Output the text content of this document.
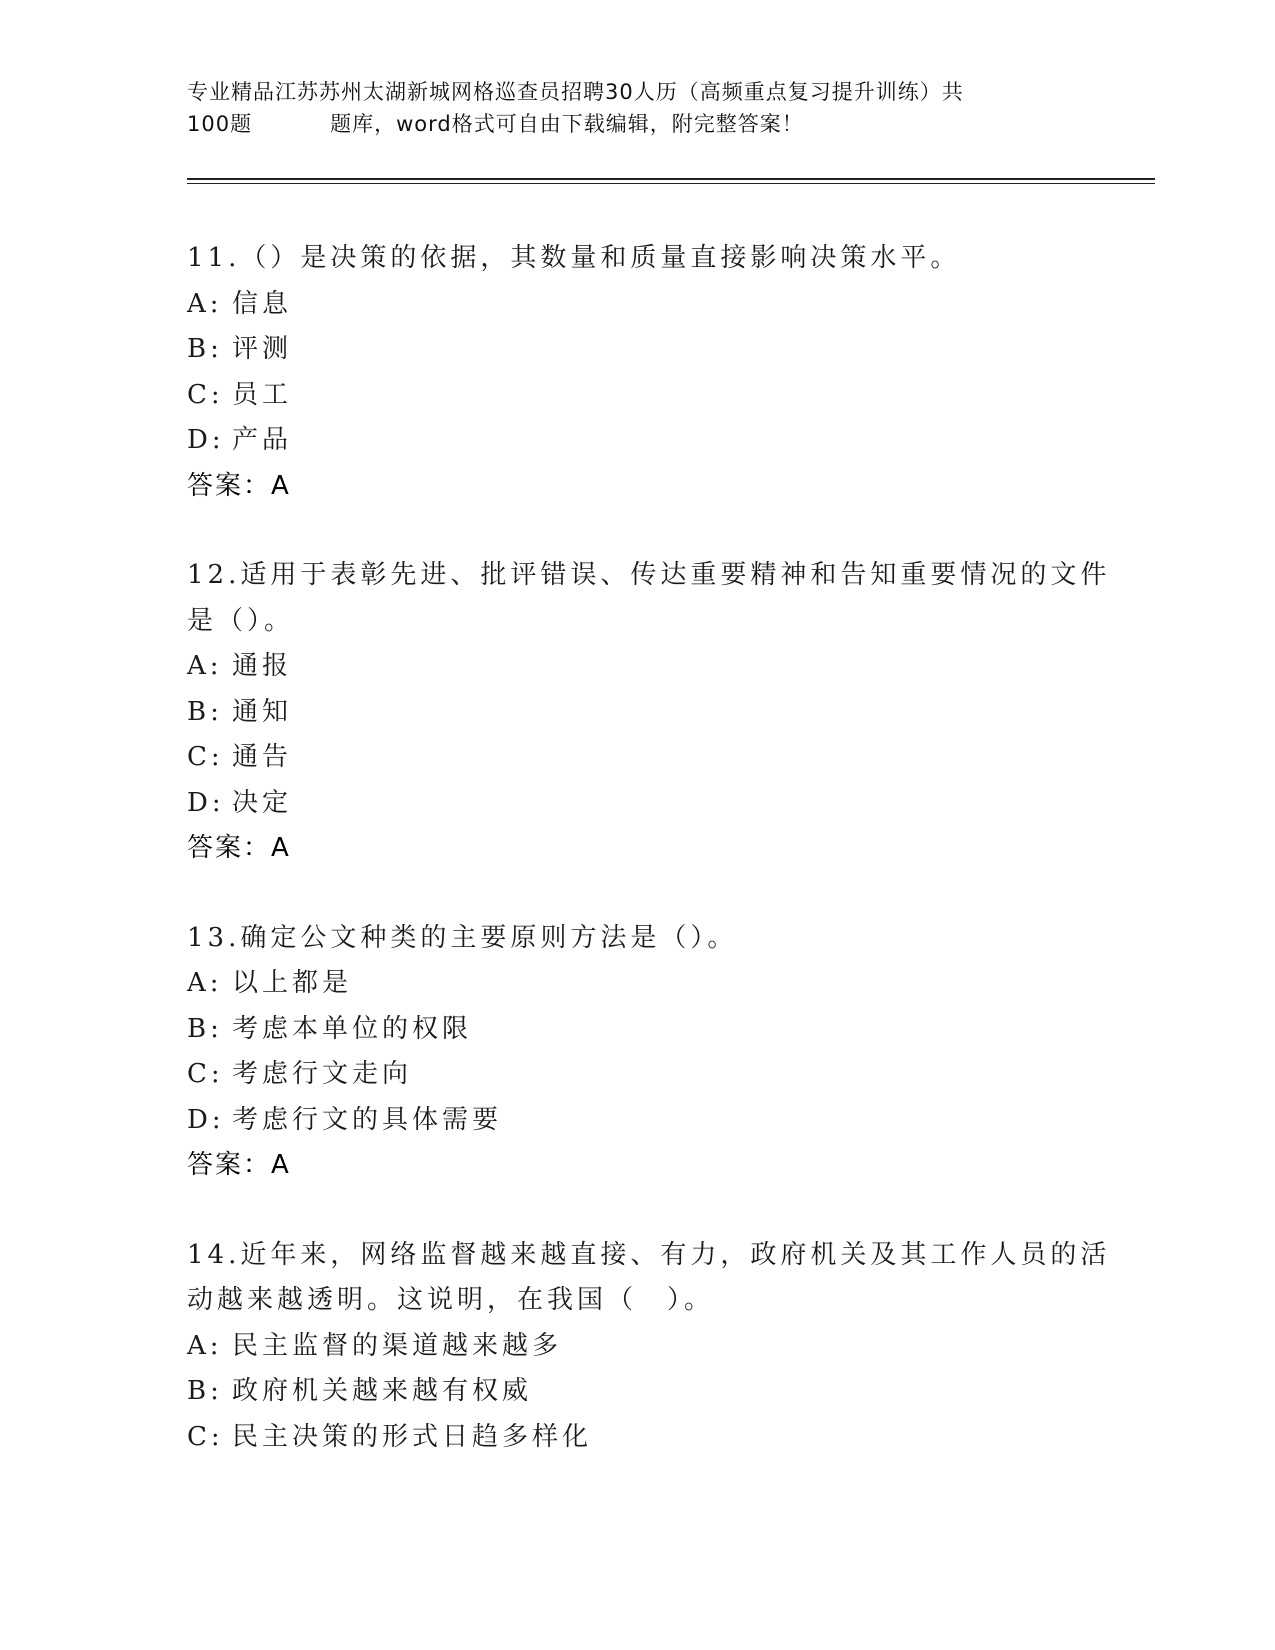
专业精品江苏苏州太湖新城网格巡查员招聘30人历（高频重点复习提升训练）共
100题	题库，word格式可自由下载编辑，附完整答案！
11.（）是决策的依据，其数量和质量直接影响决策水平。
A: 信息
B: 评测
C: 员工
D: 产品
答案：A
12.适用于表彰先进、批评错误、传达重要精神和告知重要情况的文件
是（）。
A: 通报
B: 通知
C: 通告
D: 决定
答案：A
13.确定公文种类的主要原则方法是（）。
A: 以上都是
B: 考虑本单位的权限
C: 考虑行文走向
D: 考虑行文的具体需要
答案：A
14.近年来，网络监督越来越直接、有力，政府机关及其工作人员的活
动越来越透明。这说明，在我国（　）。
A: 民主监督的渠道越来越多
B: 政府机关越来越有权威
C: 民主决策的形式日趋多样化
